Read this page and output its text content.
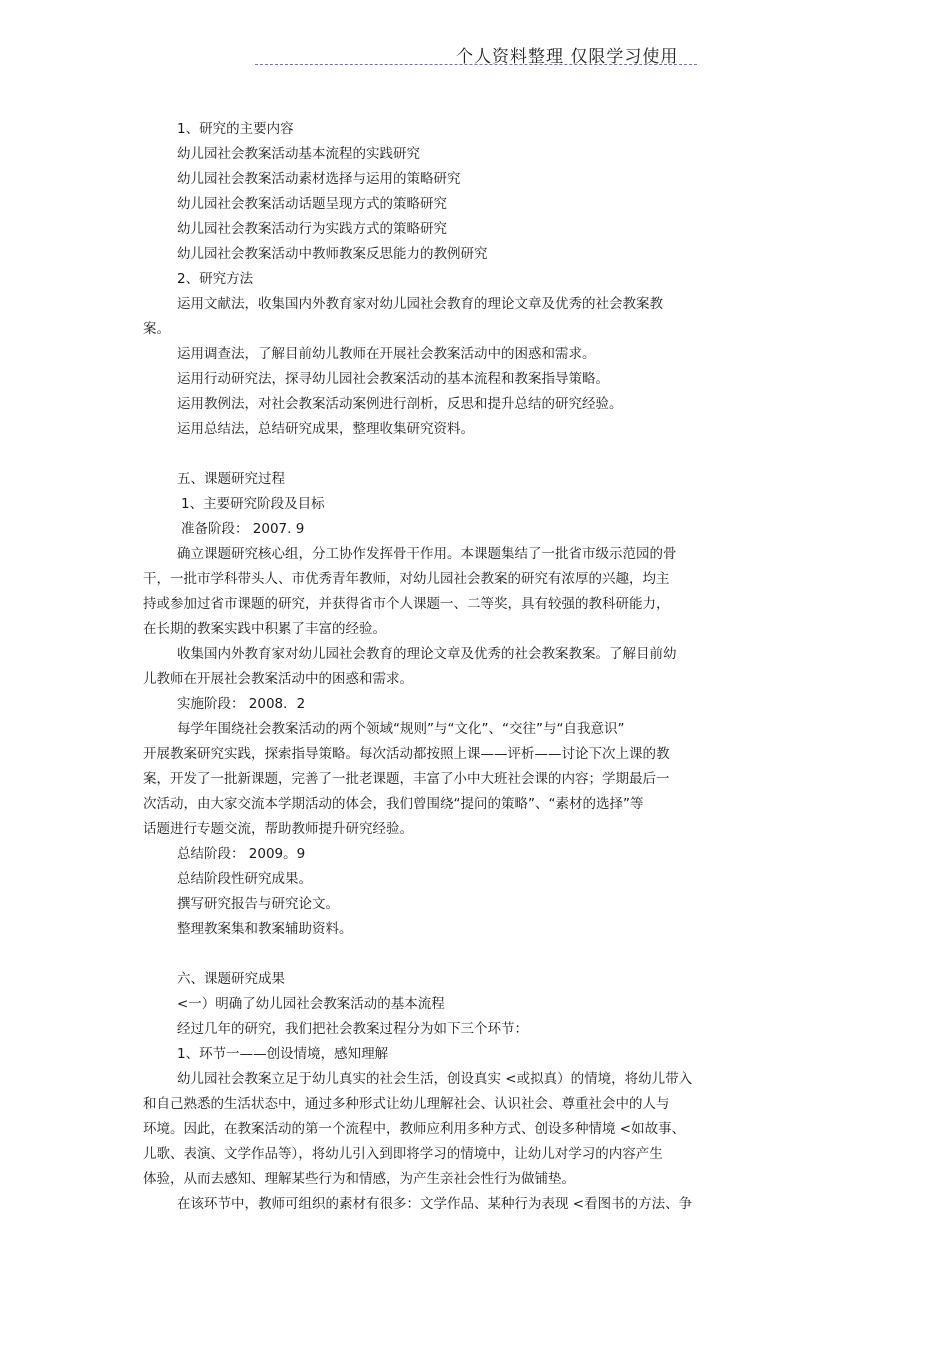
个人资料整理 仅限学习使用
1、研究的主要内容
幼儿园社会教案活动基本流程的实践研究
幼儿园社会教案活动素材选择与运用的策略研究
幼儿园社会教案活动话题呈现方式的策略研究
幼儿园社会教案活动行为实践方式的策略研究
幼儿园社会教案活动中教师教案反思能力的教例研究
2、研究方法
运用文献法，收集国内外教育家对幼儿园社会教育的理论文章及优秀的社会教案教
案。
运用调查法，了解目前幼儿教师在开展社会教案活动中的困惑和需求。
运用行动研究法，探寻幼儿园社会教案活动的基本流程和教案指导策略。
运用教例法，对社会教案活动案例进行剖析，反思和提升总结的研究经验。
运用总结法，总结研究成果，整理收集研究资料。
五、课题研究过程
1、主要研究阶段及目标
准备阶段： 2007. 9
确立课题研究核心组，分工协作发挥骨干作用。本课题集结了一批省市级示范园的骨
干，一批市学科带头人、市优秀青年教师，对幼儿园社会教案的研究有浓厚的兴趣，均主
持或参加过省市课题的研究，并获得省市个人课题一、二等奖，具有较强的教科研能力，
在长期的教案实践中积累了丰富的经验。
收集国内外教育家对幼儿园社会教育的理论文章及优秀的社会教案教案。了解目前幼
儿教师在开展社会教案活动中的困惑和需求。
实施阶段： 2008．2
每学年围绕社会教案活动的两个领域“规则”与“文化”、“交往”与“自我意识”
开展教案研究实践，探索指导策略。每次活动都按照上课——评析——讨论下次上课的教
案，开发了一批新课题，完善了一批老课题，丰富了小中大班社会课的内容；学期最后一
次活动，由大家交流本学期活动的体会，我们曾围绕“提问的策略”、“素材的选择”等
话题进行专题交流，帮助教师提升研究经验。
总结阶段： 2009。9
总结阶段性研究成果。
撰写研究报告与研究论文。
整理教案集和教案辅助资料。
六、课题研究成果
<一）明确了幼儿园社会教案活动的基本流程
经过几年的研究，我们把社会教案过程分为如下三个环节：
1、环节一——创设情境，感知理解
幼儿园社会教案立足于幼儿真实的社会生活，创设真实 <或拟真）的情境，将幼儿带入
和自己熟悉的生活状态中，通过多种形式让幼儿理解社会、认识社会、尊重社会中的人与
环境。因此，在教案活动的第一个流程中，教师应利用多种方式、创设多种情境 <如故事、
儿歌、表演、文学作品等），将幼儿引入到即将学习的情境中，让幼儿对学习的内容产生
体验，从而去感知、理解某些行为和情感，为产生亲社会性行为做铺垫。
在该环节中，教师可组织的素材有很多：文学作品、某种行为表现 <看图书的方法、争
